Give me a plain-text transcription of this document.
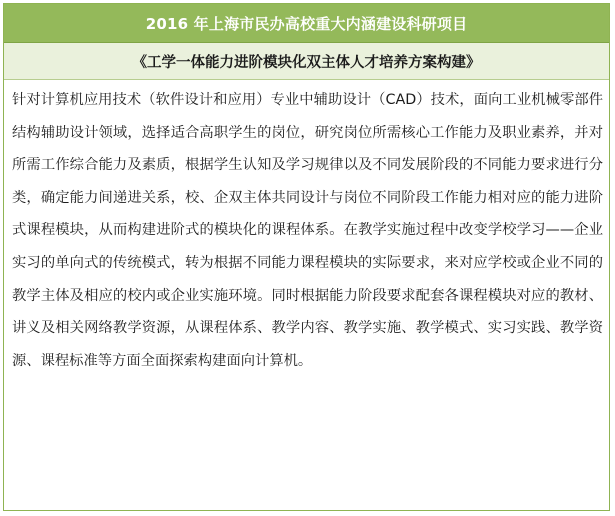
2016 年上海市民办高校重大内涵建设科研项目
《工学一体能力进阶模块化双主体人才培养方案构建》
针对计算机应用技术（软件设计和应用）专业中辅助设计（CAD）技术，面向工业机械零部件结构辅助设计领域，选择适合高职学生的岗位，研究岗位所需核心工作能力及职业素养，并对所需工作综合能力及素质，根据学生认知及学习规律以及不同发展阶段的不同能力要求进行分类，确定能力间递进关系，校、企双主体共同设计与岗位不同阶段工作能力相对应的能力进阶式课程模块，从而构建进阶式的模块化的课程体系。在教学实施过程中改变学校学习——企业实习的单向式的传统模式，转为根据不同能力课程模块的实际要求，来对应学校或企业不同的教学主体及相应的校内或企业实施环境。同时根据能力阶段要求配套各课程模块对应的教材、讲义及相关网络教学资源，从课程体系、教学内容、教学实施、教学模式、实习实践、教学资源、课程标准等方面全面探索构建面向计算机。
